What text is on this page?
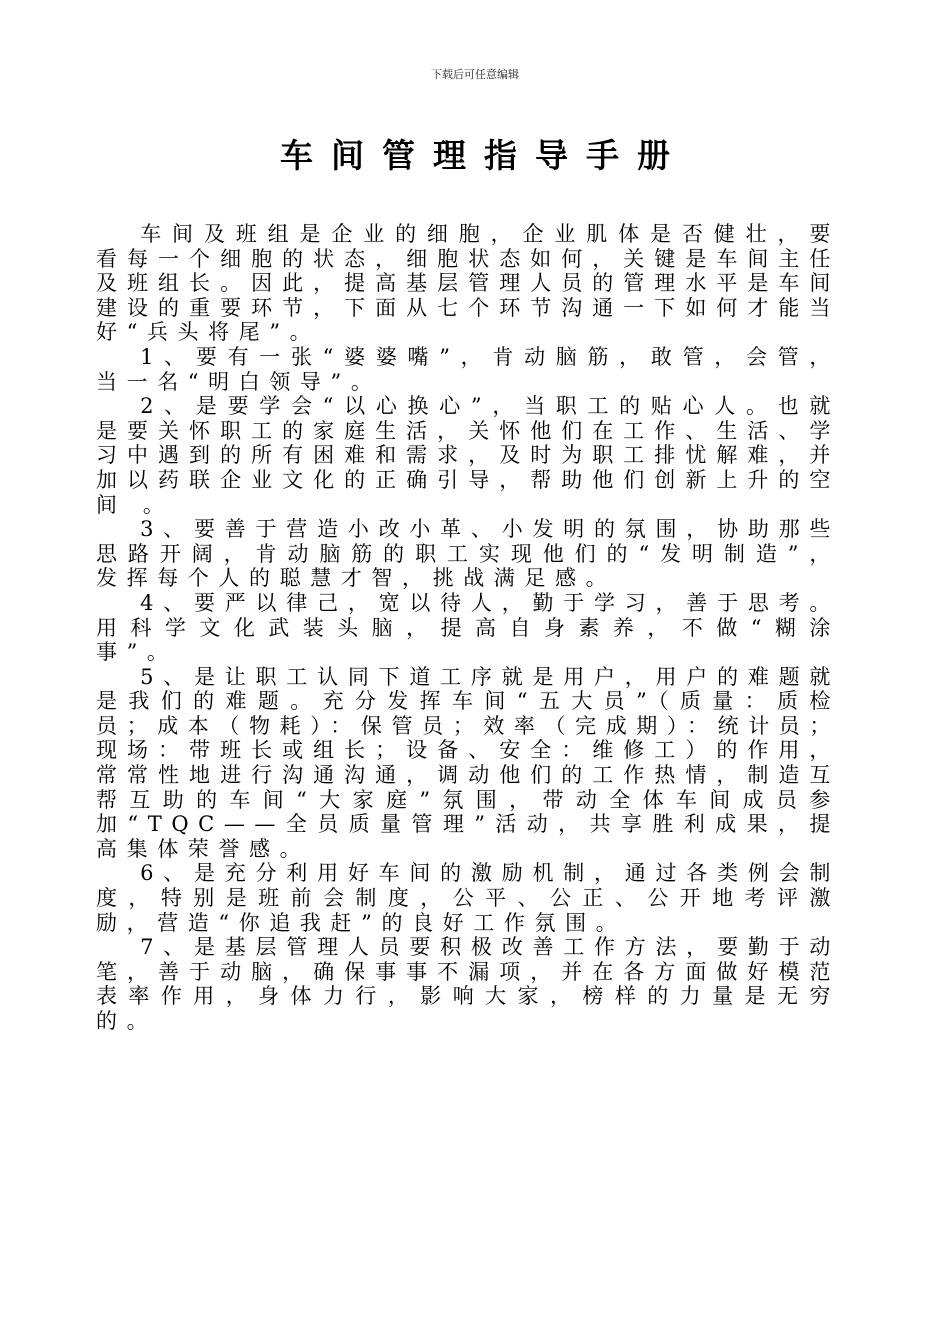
下载后可任意编辑
车间管理指导手册

车间及班组是企业的细胞，企业肌体是否健壮，要看每一个细胞的状态，细胞状态如何，关键是车间主任及班组长。因此，提高基层管理人员的管理水平是车间建设的重要环节，下面从七个环节沟通一下如何才能当好“兵头将尾”。

1、要有一张“婆婆嘴”，肯动脑筋，敢管，会管，当一名“明白领导”。

2、是要学会“以心换心”，当职工的贴心人。也就是要关怀职工的家庭生活，关怀他们在工作、生活、学习中遇到的所有困难和需求，及时为职工排忧解难，并加以药联企业文化的正确引导，帮助他们创新上升的空间 。

3、要善于营造小改小革、小发明的氛围，协助那些思路开阔，肯动脑筋的职工实现他们的“发明制造”，发挥每个人的聪慧才智，挑战满足感。

4、要严以律己，宽以待人，勤于学习，善于思考。用科学文化武装头脑，提高自身素养，不做“糊涂事”。

5、是让职工认同下道工序就是用户，用户的难题就是我们的难题。充分发挥车间“五大员”（质量：质检员；成本（物耗）：保管员；效率（完成期）：统计员；现场：带班长或组长；设备、安全：维修工）的作用，常常性地进行沟通沟通，调动他们的工作热情，制造互帮互助的车间“大家庭”氛围，带动全体车间成员参加“TQC——全员质量管理”活动，共享胜利成果，提高集体荣誉感。

6、是充分利用好车间的激励机制，通过各类例会制度，特别是班前会制度，公平、公正、公开地考评激励，营造“你追我赶”的良好工作氛围。

7、是基层管理人员要积极改善工作方法，要勤于动笔，善于动脑，确保事事不漏项，并在各方面做好模范表率作用，身体力行，影响大家，榜样的力量是无穷的。
